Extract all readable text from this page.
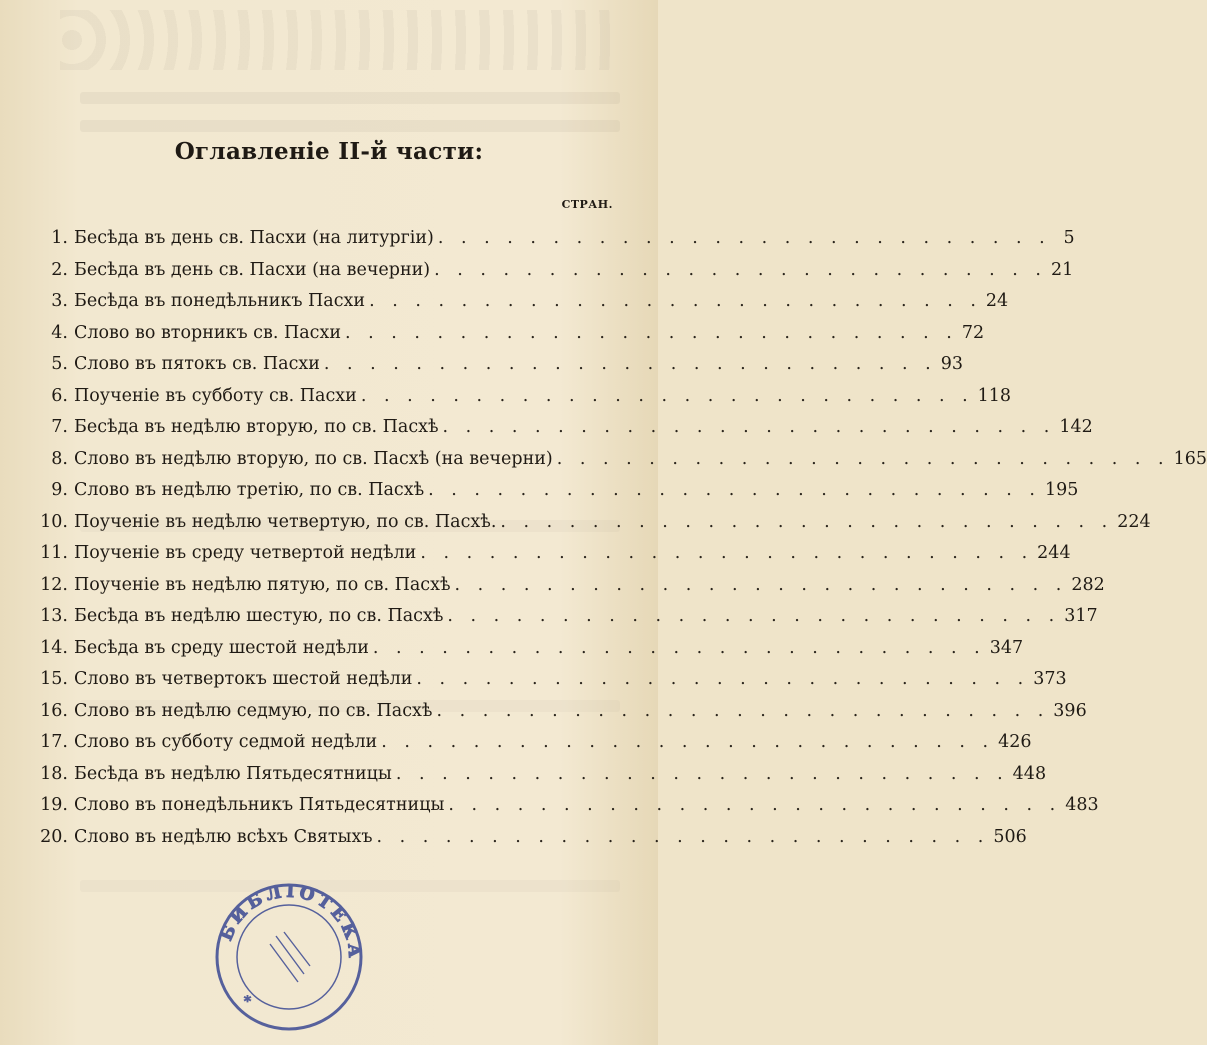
Оглавленіе II-й части:
СТРАН.
1. Бесѣда въ день св. Пасхи (на литургіи) . . .	5
2. Бесѣда въ день св. Пасхи (на вечерни) . . .	21
3. Бесѣда въ понедѣльникъ Пасхи . . .	24
4. Слово во вторникъ св. Пасхи . . .	72
5. Слово въ пятокъ св. Пасхи . . .	93
6. Поученіе въ субботу св. Пасхи . . .	118
7. Бесѣда въ недѣлю вторую, по св. Пасхѣ . . .	142
8. Слово въ недѣлю вторую, по св. Пасхѣ (на вечерни) . . .	165
9. Слово въ недѣлю третію, по св. Пасхѣ . . .	195
10. Поученіе въ недѣлю четвертую, по св. Пасхѣ. . . .	224
11. Поученіе въ среду четвертой недѣли . . .	244
12. Поученіе въ недѣлю пятую, по св. Пасхѣ . . .	282
13. Бесѣда въ недѣлю шестую, по св. Пасхѣ . . .	317
14. Бесѣда въ среду шестой недѣли . . .	347
15. Слово въ четвертокъ шестой недѣли . . .	373
16. Слово въ недѣлю седмую, по св. Пасхѣ . . .	396
17. Слово въ субботу седмой недѣли . . .	426
18. Бесѣда въ недѣлю Пятьдесятницы . . .	448
19. Слово въ понедѣльникъ Пятьдесятницы . . .	483
20. Слово въ недѣлю всѣхъ Святыхъ . . .	506
БИБЛІОТЕКА
*
